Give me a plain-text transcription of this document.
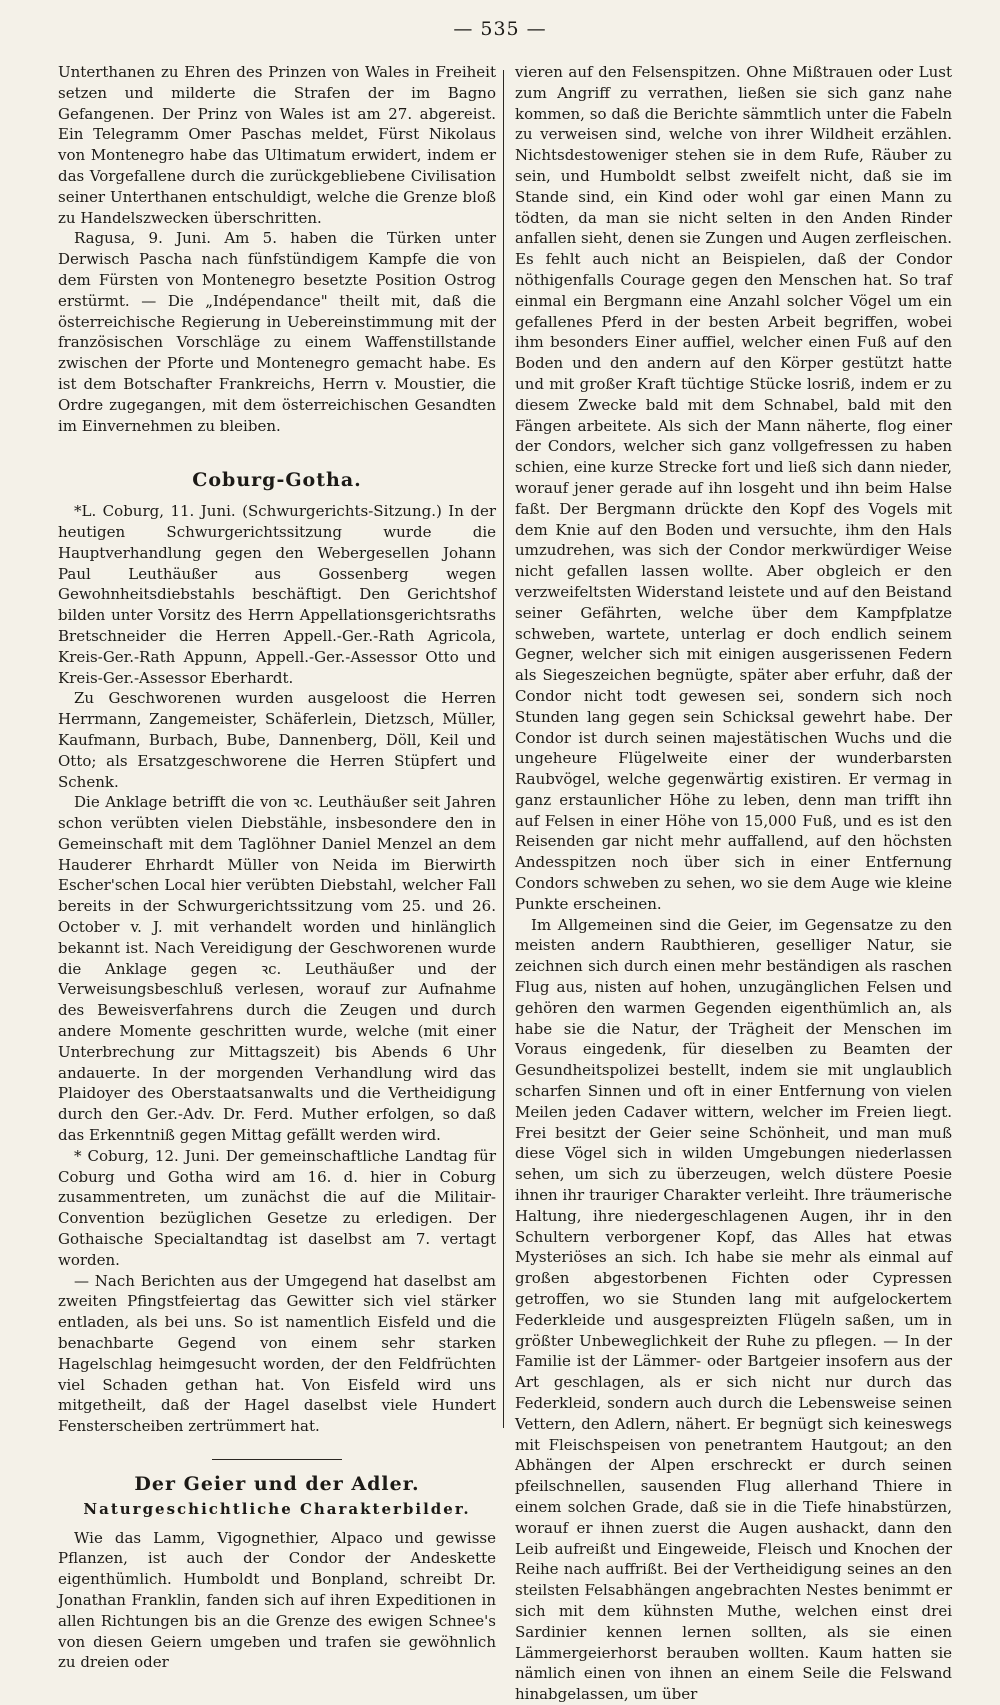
— 535 —

Unterthanen zu Ehren des Prinzen von Wales in Freiheit setzen und milderte die Strafen der im Bagno Gefangenen. Der Prinz von Wales ist am 27. abgereist. Ein Telegramm Omer Paschas meldet, Fürst Nikolaus von Montenegro habe das Ultimatum erwidert, indem er das Vorgefallene durch die zurückgebliebene Civilisation seiner Unterthanen entschuldigt, welche die Grenze bloß zu Handelszwecken überschritten.

Ragusa, 9. Juni. Am 5. haben die Türken unter Derwisch Pascha nach fünfstündigem Kampfe die von dem Fürsten von Montenegro besetzte Position Ostrog erstürmt. — Die „Indépendance" theilt mit, daß die österreichische Regierung in Uebereinstimmung mit der französischen Vorschläge zu einem Waffenstillstande zwischen der Pforte und Montenegro gemacht habe. Es ist dem Botschafter Frankreichs, Herrn v. Moustier, die Ordre zugegangen, mit dem österreichischen Gesandten im Einvernehmen zu bleiben.

Coburg-Gotha.

*L. Coburg, 11. Juni. (Schwurgerichts-Sitzung.) In der heutigen Schwurgerichtssitzung wurde die Hauptverhandlung gegen den Webergesellen Johann Paul Leuthäußer aus Gossenberg wegen Gewohnheitsdiebstahls beschäftigt. Den Gerichtshof bilden unter Vorsitz des Herrn Appellationsgerichtsraths Bretschneider die Herren Appell.-Ger.-Rath Agricola, Kreis-Ger.-Rath Appunn, Appell.-Ger.-Assessor Otto und Kreis-Ger.-Assessor Eberhardt.

Zu Geschworenen wurden ausgeloost die Herren Herrmann, Zangemeister, Schäferlein, Dietzsch, Müller, Kaufmann, Burbach, Bube, Dannenberg, Döll, Keil und Otto; als Ersatzgeschworene die Herren Stüpfert und Schenk.

Die Anklage betrifft die von ꝛc. Leuthäußer seit Jahren schon verübten vielen Diebstähle, insbesondere den in Gemeinschaft mit dem Taglöhner Daniel Menzel an dem Hauderer Ehrhardt Müller von Neida im Bierwirth Escher'schen Local hier verübten Diebstahl, welcher Fall bereits in der Schwurgerichtssitzung vom 25. und 26. October v. J. mit verhandelt worden und hinlänglich bekannt ist. Nach Vereidigung der Geschworenen wurde die Anklage gegen ꝛc. Leuthäußer und der Verweisungsbeschluß verlesen, worauf zur Aufnahme des Beweisverfahrens durch die Zeugen und durch andere Momente geschritten wurde, welche (mit einer Unterbrechung zur Mittagszeit) bis Abends 6 Uhr andauerte. In der morgenden Verhandlung wird das Plaidoyer des Oberstaatsanwalts und die Vertheidigung durch den Ger.-Adv. Dr. Ferd. Muther erfolgen, so daß das Erkenntniß gegen Mittag gefällt werden wird.

* Coburg, 12. Juni. Der gemeinschaftliche Landtag für Coburg und Gotha wird am 16. d. hier in Coburg zusammentreten, um zunächst die auf die Militair-Convention bezüglichen Gesetze zu erledigen. Der Gothaische Specialtandtag ist daselbst am 7. vertagt worden.

— Nach Berichten aus der Umgegend hat daselbst am zweiten Pfingstfeiertag das Gewitter sich viel stärker entladen, als bei uns. So ist namentlich Eisfeld und die benachbarte Gegend von einem sehr starken Hagelschlag heimgesucht worden, der den Feldfrüchten viel Schaden gethan hat. Von Eisfeld wird uns mitgetheilt, daß der Hagel daselbst viele Hundert Fensterscheiben zertrümmert hat.

Der Geier und der Adler.
Naturgeschichtliche Charakterbilder.

Wie das Lamm, Vigognethier, Alpaco und gewisse Pflanzen, ist auch der Condor der Andeskette eigenthümlich. Humboldt und Bonpland, schreibt Dr. Jonathan Franklin, fanden sich auf ihren Expeditionen in allen Richtungen bis an die Grenze des ewigen Schnee's von diesen Geiern umgeben und trafen sie gewöhnlich zu dreien oder

vieren auf den Felsenspitzen. Ohne Mißtrauen oder Lust zum Angriff zu verrathen, ließen sie sich ganz nahe kommen, so daß die Berichte sämmtlich unter die Fabeln zu verweisen sind, welche von ihrer Wildheit erzählen. Nichtsdestoweniger stehen sie in dem Rufe, Räuber zu sein, und Humboldt selbst zweifelt nicht, daß sie im Stande sind, ein Kind oder wohl gar einen Mann zu tödten, da man sie nicht selten in den Anden Rinder anfallen sieht, denen sie Zungen und Augen zerfleischen. Es fehlt auch nicht an Beispielen, daß der Condor nöthigenfalls Courage gegen den Menschen hat. So traf einmal ein Bergmann eine Anzahl solcher Vögel um ein gefallenes Pferd in der besten Arbeit begriffen, wobei ihm besonders Einer auffiel, welcher einen Fuß auf den Boden und den andern auf den Körper gestützt hatte und mit großer Kraft tüchtige Stücke losriß, indem er zu diesem Zwecke bald mit dem Schnabel, bald mit den Fängen arbeitete. Als sich der Mann näherte, flog einer der Condors, welcher sich ganz vollgefressen zu haben schien, eine kurze Strecke fort und ließ sich dann nieder, worauf jener gerade auf ihn losgeht und ihn beim Halse faßt. Der Bergmann drückte den Kopf des Vogels mit dem Knie auf den Boden und versuchte, ihm den Hals umzudrehen, was sich der Condor merkwürdiger Weise nicht gefallen lassen wollte. Aber obgleich er den verzweifeltsten Widerstand leistete und auf den Beistand seiner Gefährten, welche über dem Kampfplatze schweben, wartete, unterlag er doch endlich seinem Gegner, welcher sich mit einigen ausgerissenen Federn als Siegeszeichen begnügte, später aber erfuhr, daß der Condor nicht todt gewesen sei, sondern sich noch Stunden lang gegen sein Schicksal gewehrt habe. Der Condor ist durch seinen majestätischen Wuchs und die ungeheure Flügelweite einer der wunderbarsten Raubvögel, welche gegenwärtig existiren. Er vermag in ganz erstaunlicher Höhe zu leben, denn man trifft ihn auf Felsen in einer Höhe von 15,000 Fuß, und es ist den Reisenden gar nicht mehr auffallend, auf den höchsten Andesspitzen noch über sich in einer Entfernung Condors schweben zu sehen, wo sie dem Auge wie kleine Punkte erscheinen.

Im Allgemeinen sind die Geier, im Gegensatze zu den meisten andern Raubthieren, geselliger Natur, sie zeichnen sich durch einen mehr beständigen als raschen Flug aus, nisten auf hohen, unzugänglichen Felsen und gehören den warmen Gegenden eigenthümlich an, als habe sie die Natur, der Trägheit der Menschen im Voraus eingedenk, für dieselben zu Beamten der Gesundheitspolizei bestellt, indem sie mit unglaublich scharfen Sinnen und oft in einer Entfernung von vielen Meilen jeden Cadaver wittern, welcher im Freien liegt. Frei besitzt der Geier seine Schönheit, und man muß diese Vögel sich in wilden Umgebungen niederlassen sehen, um sich zu überzeugen, welch düstere Poesie ihnen ihr trauriger Charakter verleiht. Ihre träumerische Haltung, ihre niedergeschlagenen Augen, ihr in den Schultern verborgener Kopf, das Alles hat etwas Mysteriöses an sich. Ich habe sie mehr als einmal auf großen abgestorbenen Fichten oder Cypressen getroffen, wo sie Stunden lang mit aufgelockertem Federkleide und ausgespreizten Flügeln saßen, um in größter Unbeweglichkeit der Ruhe zu pflegen. — In der Familie ist der Lämmer- oder Bartgeier insofern aus der Art geschlagen, als er sich nicht nur durch das Federkleid, sondern auch durch die Lebensweise seinen Vettern, den Adlern, nähert. Er begnügt sich keineswegs mit Fleischspeisen von penetrantem Hautgout; an den Abhängen der Alpen erschreckt er durch seinen pfeilschnellen, sausenden Flug allerhand Thiere in einem solchen Grade, daß sie in die Tiefe hinabstürzen, worauf er ihnen zuerst die Augen aushackt, dann den Leib aufreißt und Eingeweide, Fleisch und Knochen der Reihe nach auffrißt. Bei der Vertheidigung seines an den steilsten Felsabhängen angebrachten Nestes benimmt er sich mit dem kühnsten Muthe, welchen einst drei Sardinier kennen lernen sollten, als sie einen Lämmergeierhorst berauben wollten. Kaum hatten sie nämlich einen von ihnen an einem Seile die Felswand hinabgelassen, um über
